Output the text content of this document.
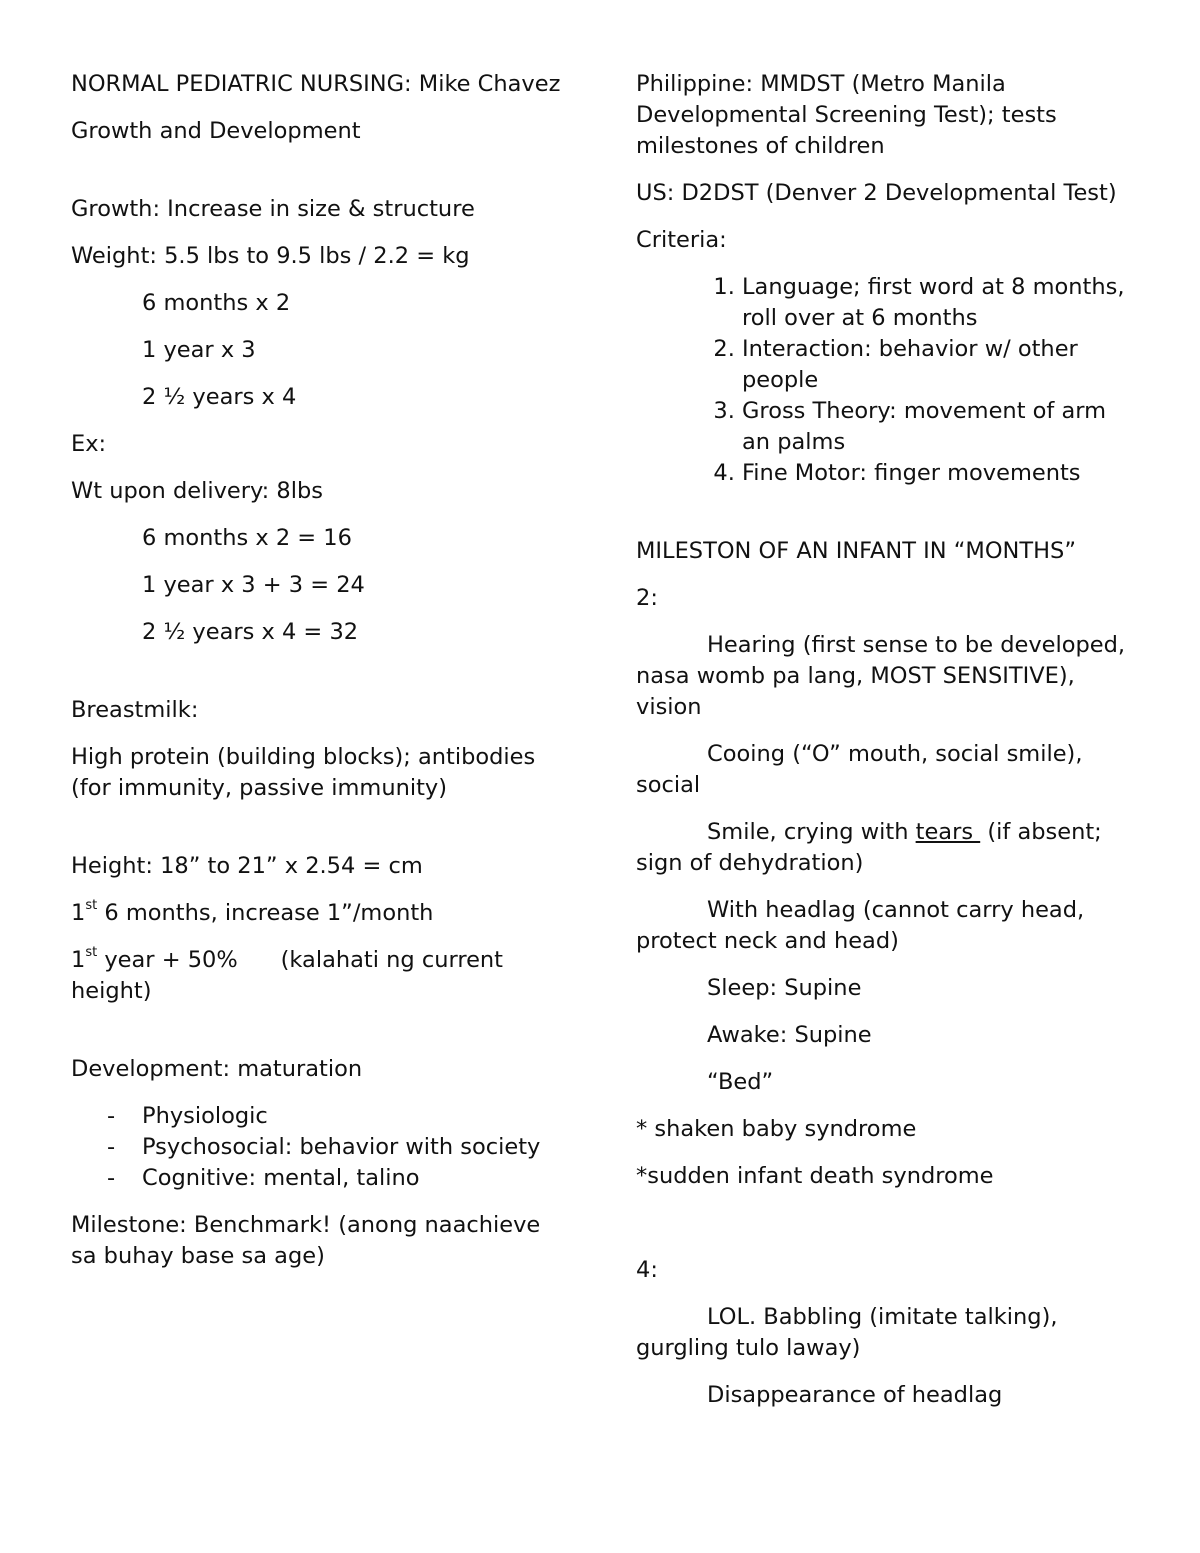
NORMAL PEDIATRIC NURSING: Mike Chavez

Growth and Development

Growth: Increase in size & structure

Weight: 5.5 lbs to 9.5 lbs / 2.2 = kg

6 months x 2

1 year x 3

2 ½ years x 4

Ex:

Wt upon delivery: 8lbs

6 months x 2 = 16

1 year x 3 + 3 = 24

2 ½ years x 4 = 32

Breastmilk:

High protein (building blocks); antibodies (for immunity, passive immunity)

Height: 18” to 21” x 2.54 = cm

1st 6 months, increase 1”/month

1st year + 50%      (kalahati ng current height)

Development: maturation

- Physiologic
- Psychosocial: behavior with society
- Cognitive: mental, talino

Milestone: Benchmark! (anong naachieve sa buhay base sa age)

Philippine: MMDST (Metro Manila Developmental Screening Test); tests milestones of children

US: D2DST (Denver 2 Developmental Test)

Criteria:

1. Language; first word at 8 months, roll over at 6 months
2. Interaction: behavior w/ other people
3. Gross Theory: movement of arm an palms
4. Fine Motor: finger movements

MILESTON OF AN INFANT IN “MONTHS”

2:

Hearing (first sense to be developed, nasa womb pa lang, MOST SENSITIVE), vision

Cooing (“O” mouth, social smile), social

Smile, crying with tears  (if absent; sign of dehydration)

With headlag (cannot carry head, protect neck and head)

Sleep: Supine

Awake: Supine

“Bed”

* shaken baby syndrome

*sudden infant death syndrome

4:

LOL. Babbling (imitate talking), gurgling tulo laway)

Disappearance of headlag
